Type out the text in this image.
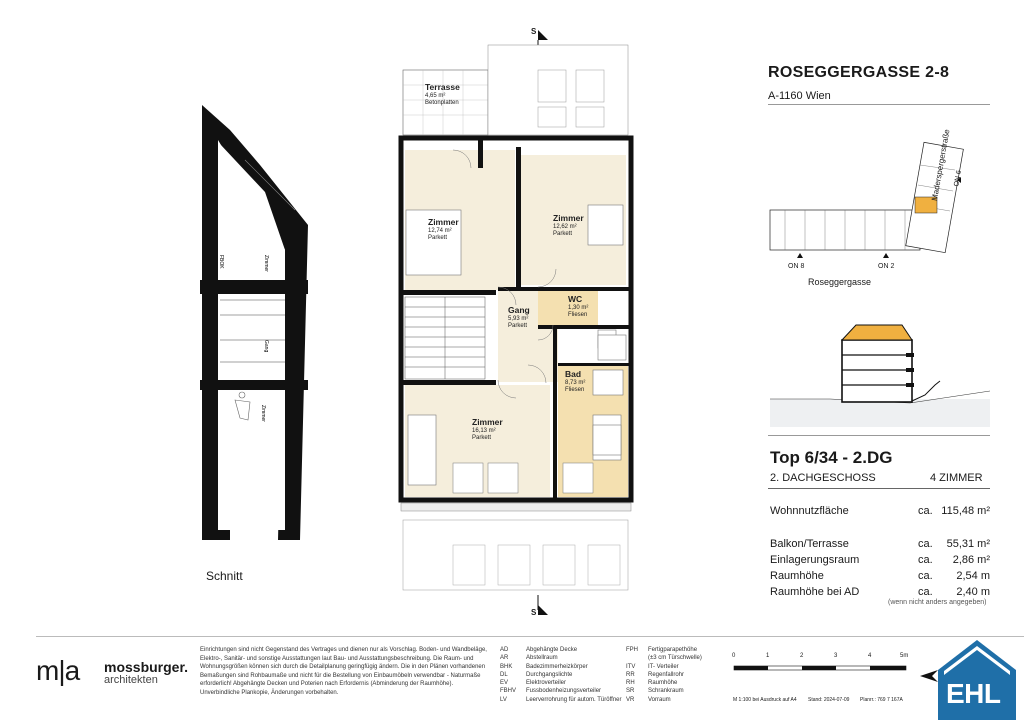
FBOK	Zimmer
Gang
Zimmer
Schnitt
Terrasse
4,65 m²
Betonplatten
Zimmer
12,74 m²
Parkett
Zimmer
12,62 m²
Parkett
Gang
5,93 m²
Parkett
WC
1,30 m²
Fliesen
Bad
8,73 m²
Fliesen
Zimmer
16,13 m²
Parkett
S
S
ROSEGGERGASSE 2-8
A-1160 Wien
ON 8	ON 2
ON 6
Roseggergasse
Maderspergerstraße
Top 6/34 - 2.DG
2. DACHGESCHOSS	4 ZIMMER
Wohnnutzfläche	ca. 115,48 m²
Balkon/Terrasse	ca.	55,31 m²
Einlagerungsraum	ca.	2,86 m²
Raumhöhe	ca.	2,54 m
Raumhöhe bei AD	ca.	2,40 m
(wenn nicht anders angegeben)
m|a mossburger.
architekten
Einrichtungen sind nicht Gegenstand des Vertrages und dienen nur als Vorschlag. Boden- und Wandbeläge, Elektro-, Sanitär- und sonstige Ausstattungen laut Bau- und Ausstattungsbeschreibung. Die Raum- und Wohnungsgrößen können sich durch die Detailplanung geringfügig ändern. Die in den Plänen vorhandenen Bemaßungen sind Rohbaumaße und nicht für die Bestellung von Einbaumöbeln verwendbar - Naturmaße erforderlich! Abgehängte Decken und Poterien nach Erfordernis (Abminderung der Raumhöhe). Unverbindliche Plankopie, Änderungen vorbehalten.
AD	Abgehängte Decke
AR	Abstellraum
BHK Badezimmerheizkörper
DL	Durchgangslichte
EV	Elektroverteiler
FBHV Fussbodenheizungsverteiler
LV	Leerverrohrung für autom. Türöffner
FPH Fertigparapethöhe
(±3 cm Türschwelle)
ITV IT- Verteiler
RR Regenfallrohr
RH Raumhöhe
SR Schrankraum
VR Vorraum
0	1	2	3	4	5m
M 1:100 bei Ausdruck auf A4 Stand: 2024-07-09 Planrr.: 769 7 167A EHL
